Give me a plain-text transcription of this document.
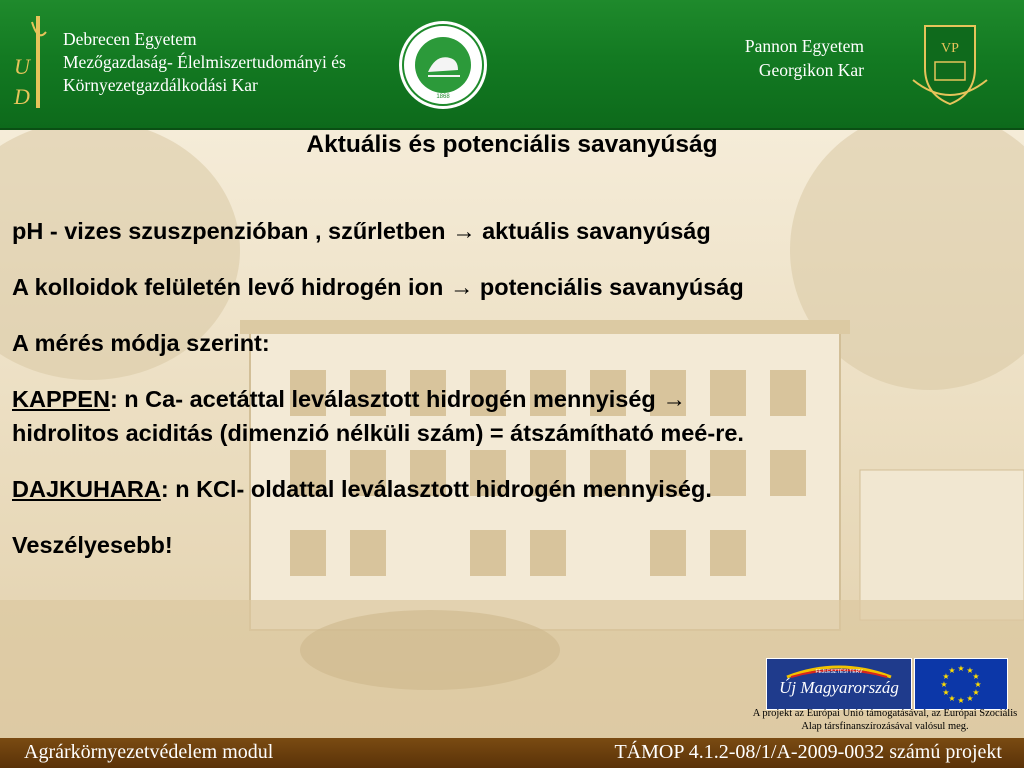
U
D
Debrecen Egyetem
Mezőgazdaság- Élelmiszertudományi és
Környezetgazdálkodási Kar
1868
Pannon Egyetem
Georgikon Kar
VP
Aktuális és potenciális savanyúság

pH - vizes szuszpenzióban , szűrletben → aktuális savanyúság

A kolloidok felületén levő hidrogén ion → potenciális savanyúság

A mérés módja szerint:

KAPPEN: n Ca- acetáttal leválasztott hidrogén mennyiség →
hidrolitos aciditás (dimenzió nélküli szám) = átszámítható meé-re.

DAJKUHARA: n KCl- oldattal leválasztott hidrogén mennyiség.

Veszélyesebb!

FEJLESZTÉSI TERV
Új Magyarország
★ ★
★
★
★
★
★
★
★
★
★
★
A projekt az Európai Unió támogatásával, az Európai Szociális Alap társfinanszírozásával valósul meg.
Agrárkörnyezetvédelem modul	TÁMOP 4.1.2-08/1/A-2009-0032 számú projekt
